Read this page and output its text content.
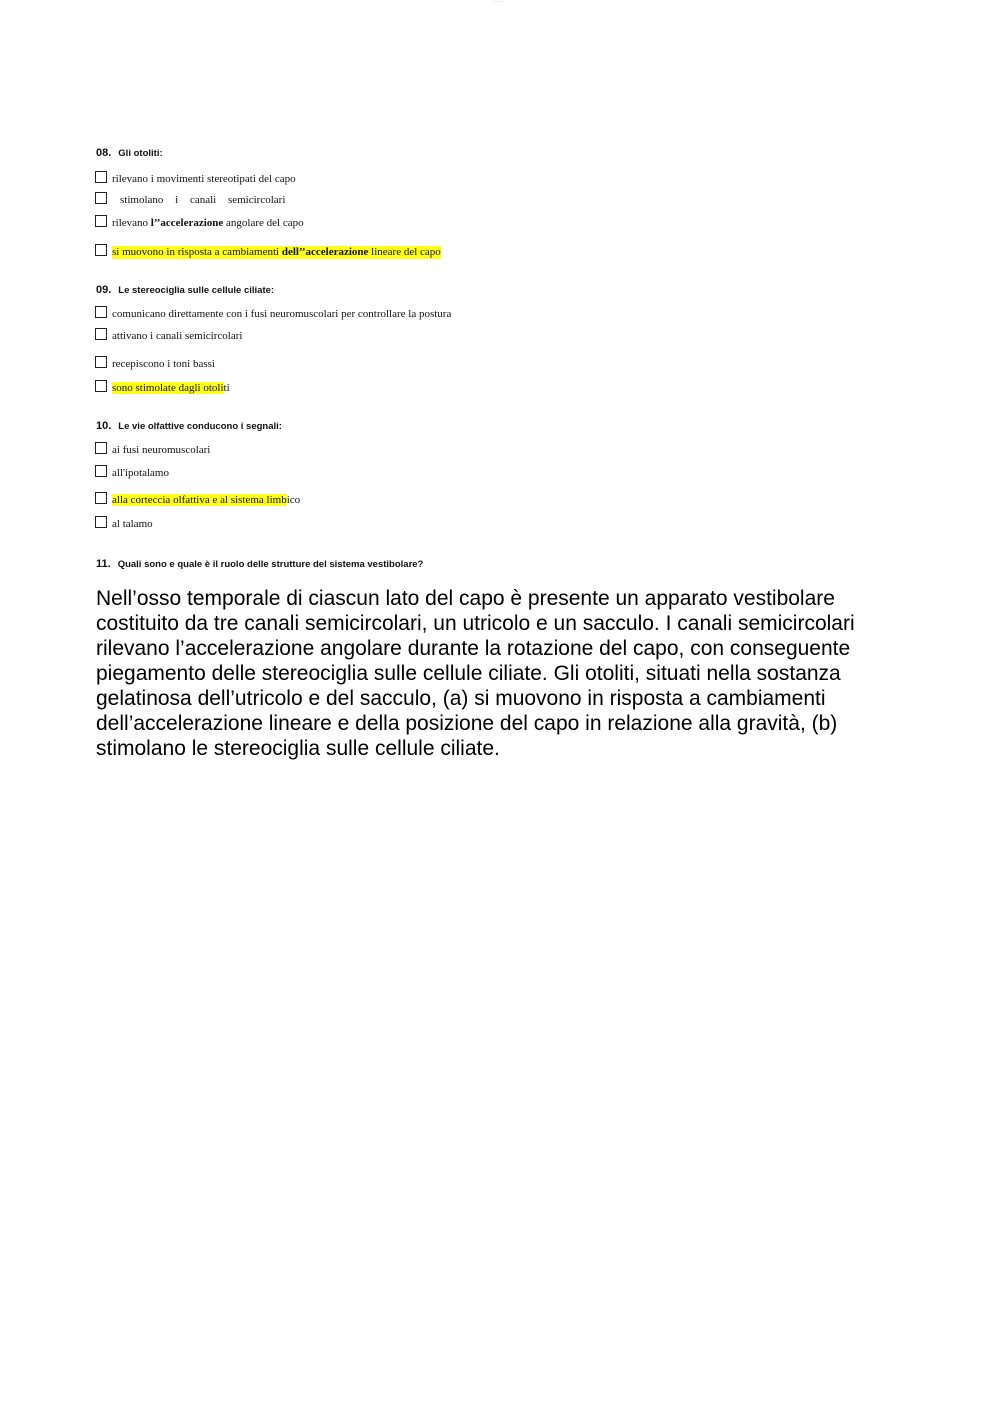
— — —
08. Gli otoliti:
rilevano i movimenti stereotipati del capo
stimolano i canali semicircolari
rilevano l’’accelerazione angolare del capo
si muovono in risposta a cambiamenti dell’’accelerazione lineare del capo
09. Le stereociglia sulle cellule ciliate:
comunicano direttamente con i fusi neuromuscolari per controllare la postura
attivano i canali semicircolari
recepiscono i toni bassi
sono stimolate dagli otoliti
10. Le vie olfattive conducono i segnali:
ai fusi neuromuscolari
all'ipotalamo
alla corteccia olfattiva e al sistema limbico
al talamo
11. Quali sono e quale è il ruolo delle strutture del sistema vestibolare?

Nell’osso temporale di ciascun lato del capo è presente un apparato vestibolare costituito da tre canali semicircolari, un utricolo e un sacculo. I canali semicircolari rilevano l’accelerazione angolare durante la rotazione del capo, con conseguente piegamento delle stereociglia sulle cellule ciliate. Gli otoliti, situati nella sostanza gelatinosa dell’utricolo e del sacculo, (a) si muovono in risposta a cambiamenti dell’accelerazione lineare e della posizione del capo in relazione alla gravità, (b) stimolano le stereociglia sulle cellule ciliate.
